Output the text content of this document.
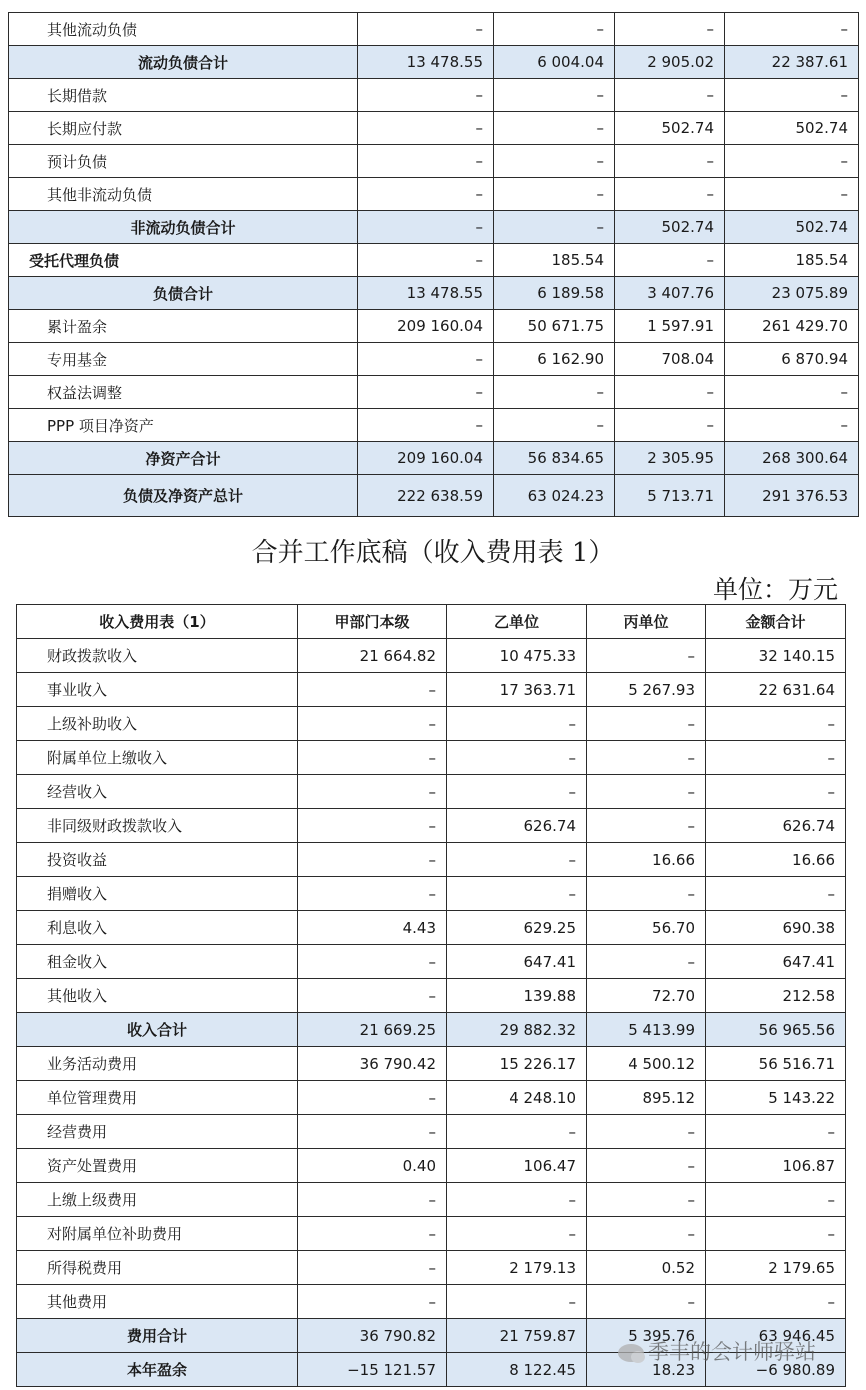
其他流动负债	–	–	–	–
流动负债合计	13 478.55	6 004.04	2 905.02	22 387.61
长期借款	–	–	–	–
长期应付款	–	–	502.74	502.74
预计负债	–	–	–	–
其他非流动负债	–	–	–	–
非流动负债合计	–	–	502.74	502.74
受托代理负债	–	185.54	–	185.54
负债合计	13 478.55	6 189.58	3 407.76	23 075.89
累计盈余	209 160.04	50 671.75	1 597.91	261 429.70
专用基金	–	6 162.90	708.04	6 870.94
权益法调整	–	–	–	–
PPP 项目净资产	–	–	–	–
净资产合计	209 160.04	56 834.65	2 305.95	268 300.64
负债及净资产总计	222 638.59	63 024.23	5 713.71	291 376.53
合并工作底稿（收入费用表 1）
单位：万元
收入费用表（1）	甲部门本级	乙单位	丙单位	金额合计
财政拨款收入	21 664.82	10 475.33	–	32 140.15
事业收入	–	17 363.71	5 267.93	22 631.64
上级补助收入	–	–	–	–
附属单位上缴收入	–	–	–	–
经营收入	–	–	–	–
非同级财政拨款收入	–	626.74	–	626.74
投资收益	–	–	16.66	16.66
捐赠收入	–	–	–	–
利息收入	4.43	629.25	56.70	690.38
租金收入	–	647.41	–	647.41
其他收入	–	139.88	72.70	212.58
收入合计	21 669.25	29 882.32	5 413.99	56 965.56
业务活动费用	36 790.42	15 226.17	4 500.12	56 516.71
单位管理费用	–	4 248.10	895.12	5 143.22
经营费用	–	–	–	–
资产处置费用	0.40	106.47	–	106.87
上缴上级费用	–	–	–	–
对附属单位补助费用	–	–	–	–
所得税费用	–	2 179.13	0.52	2 179.65
其他费用	–	–	–	–
费用合计	36 790.82	21 759.87	5 395.76	63 946.45
本年盈余	−15 121.57	8 122.45	18.23	−6 980.89
季丰的会计师驿站
